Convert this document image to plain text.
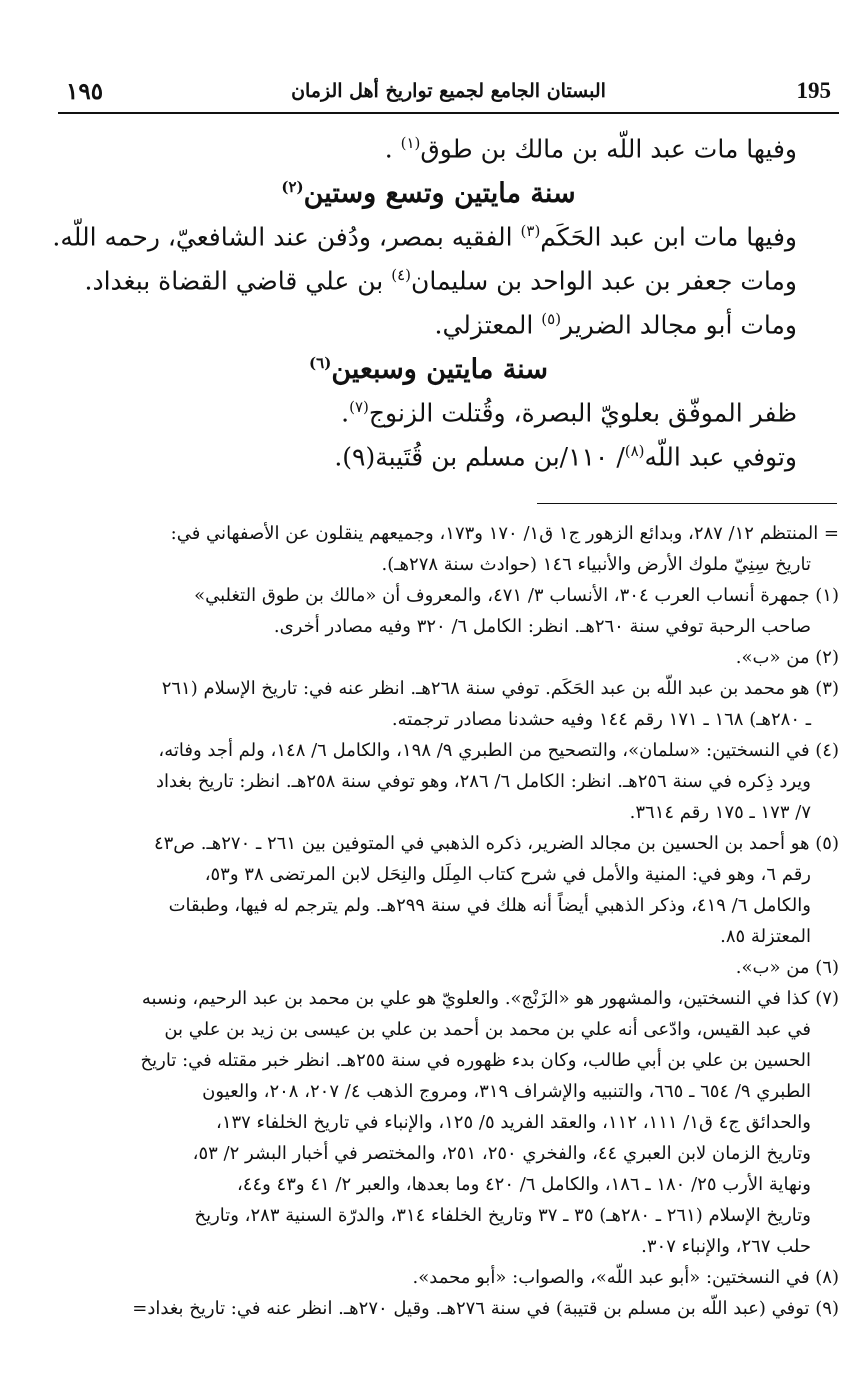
195
البستان الجامع لجميع تواريخ أهل الزمان
١٩٥

وفيها مات عبد اللّه بن مالك بن طوق$^{(١)}$ .

سنة مايتين وتسع وستين$^{(٢)}$

وفيها مات ابن عبد الحَكَم$^{(٣)}$ الفقيه بمصر، ودُفن عند الشافعيّ، رحمه اللّه.

ومات جعفر بن عبد الواحد بن سليمان$^{(٤)}$ بن علي قاضي القضاة ببغداد.

ومات أبو مجالد الضرير$^{(٥)}$ المعتزلي.

سنة مايتين وسبعين$^{(٦)}$

ظفر الموفّق بعلويّ البصرة، وقُتلت الزنوج$^{(٧)}$.

وتوفي عبد اللّه$^{(٨)}$/ ١١٠/بن مسلم بن قُتَيبة(٩).

= المنتظم ١٢/ ٢٨٧، وبدائع الزهور ج١ ق١/ ١٧٠ و١٧٣، وجميعهم ينقلون عن الأصفهاني في:
تاريخ سِنِيّ ملوك الأرض والأنبياء ١٤٦ (حوادث سنة ٢٧٨هـ).
(١) جمهرة أنساب العرب ٣٠٤، الأنساب ٣/ ٤٧١، والمعروف أن «مالك بن طوق التغلبي»
صاحب الرحبة توفي سنة ٢٦٠هـ. انظر: الكامل ٦/ ٣٢٠ وفيه مصادر أخرى.
(٢) من «ب».
(٣) هو محمد بن عبد اللّه بن عبد الحَكَم. توفي سنة ٢٦٨هـ. انظر عنه في: تاريخ الإسلام (٢٦١
ـ ٢٨٠هـ) ١٦٨ ـ ١٧١ رقم ١٤٤ وفيه حشدنا مصادر ترجمته.
(٤) في النسختين: «سلمان»، والتصحيح من الطبري ٩/ ١٩٨، والكامل ٦/ ١٤٨، ولم أجد وفاته،
ويرد ذِكره في سنة ٢٥٦هـ. انظر: الكامل ٦/ ٢٨٦، وهو توفي سنة ٢٥٨هـ. انظر: تاريخ بغداد
٧/ ١٧٣ ـ ١٧٥ رقم ٣٦١٤.
(٥) هو أحمد بن الحسين بن مجالد الضرير، ذكره الذهبي في المتوفين بين ٢٦١ ـ ٢٧٠هـ. ص٤٣
رقم ٦، وهو في: المنية والأمل في شرح كتاب المِلَل والنِحَل لابن المرتضى ٣٨ و٥٣،
والكامل ٦/ ٤١٩، وذكر الذهبي أيضاً أنه هلك في سنة ٢٩٩هـ. ولم يترجم له فيها، وطبقات
المعتزلة ٨٥.
(٦) من «ب».
(٧) كذا في النسختين، والمشهور هو «الزَنْج». والعلويّ هو علي بن محمد بن عبد الرحيم، ونسبه
في عبد القيس، وادّعى أنه علي بن محمد بن أحمد بن علي بن عيسى بن زيد بن علي بن
الحسين بن علي بن أبي طالب، وكان بدء ظهوره في سنة ٢٥٥هـ. انظر خبر مقتله في: تاريخ
الطبري ٩/ ٦٥٤ ـ ٦٦٥، والتنبيه والإشراف ٣١٩، ومروج الذهب ٤/ ٢٠٧، ٢٠٨، والعيون
والحدائق ج٤ ق١/ ١١١، ١١٢، والعقد الفريد ٥/ ١٢٥، والإنباء في تاريخ الخلفاء ١٣٧،
وتاريخ الزمان لابن العبري ٤٤، والفخري ٢٥٠، ٢٥١، والمختصر في أخبار البشر ٢/ ٥٣،
ونهاية الأرب ٢٥/ ١٨٠ ـ ١٨٦، والكامل ٦/ ٤٢٠ وما بعدها، والعبر ٢/ ٤١ و٤٣ و٤٤،
وتاريخ الإسلام (٢٦١ ـ ٢٨٠هـ) ٣٥ ـ ٣٧ وتاريخ الخلفاء ٣١٤، والدرّة السنية ٢٨٣، وتاريخ
حلب ٢٦٧، والإنباء ٣٠٧.
(٨) في النسختين: «أبو عبد اللّه»، والصواب: «أبو محمد».
(٩) توفي (عبد اللّه بن مسلم بن قتيبة) في سنة ٢٧٦هـ. وقيل ٢٧٠هـ. انظر عنه في: تاريخ بغداد=
